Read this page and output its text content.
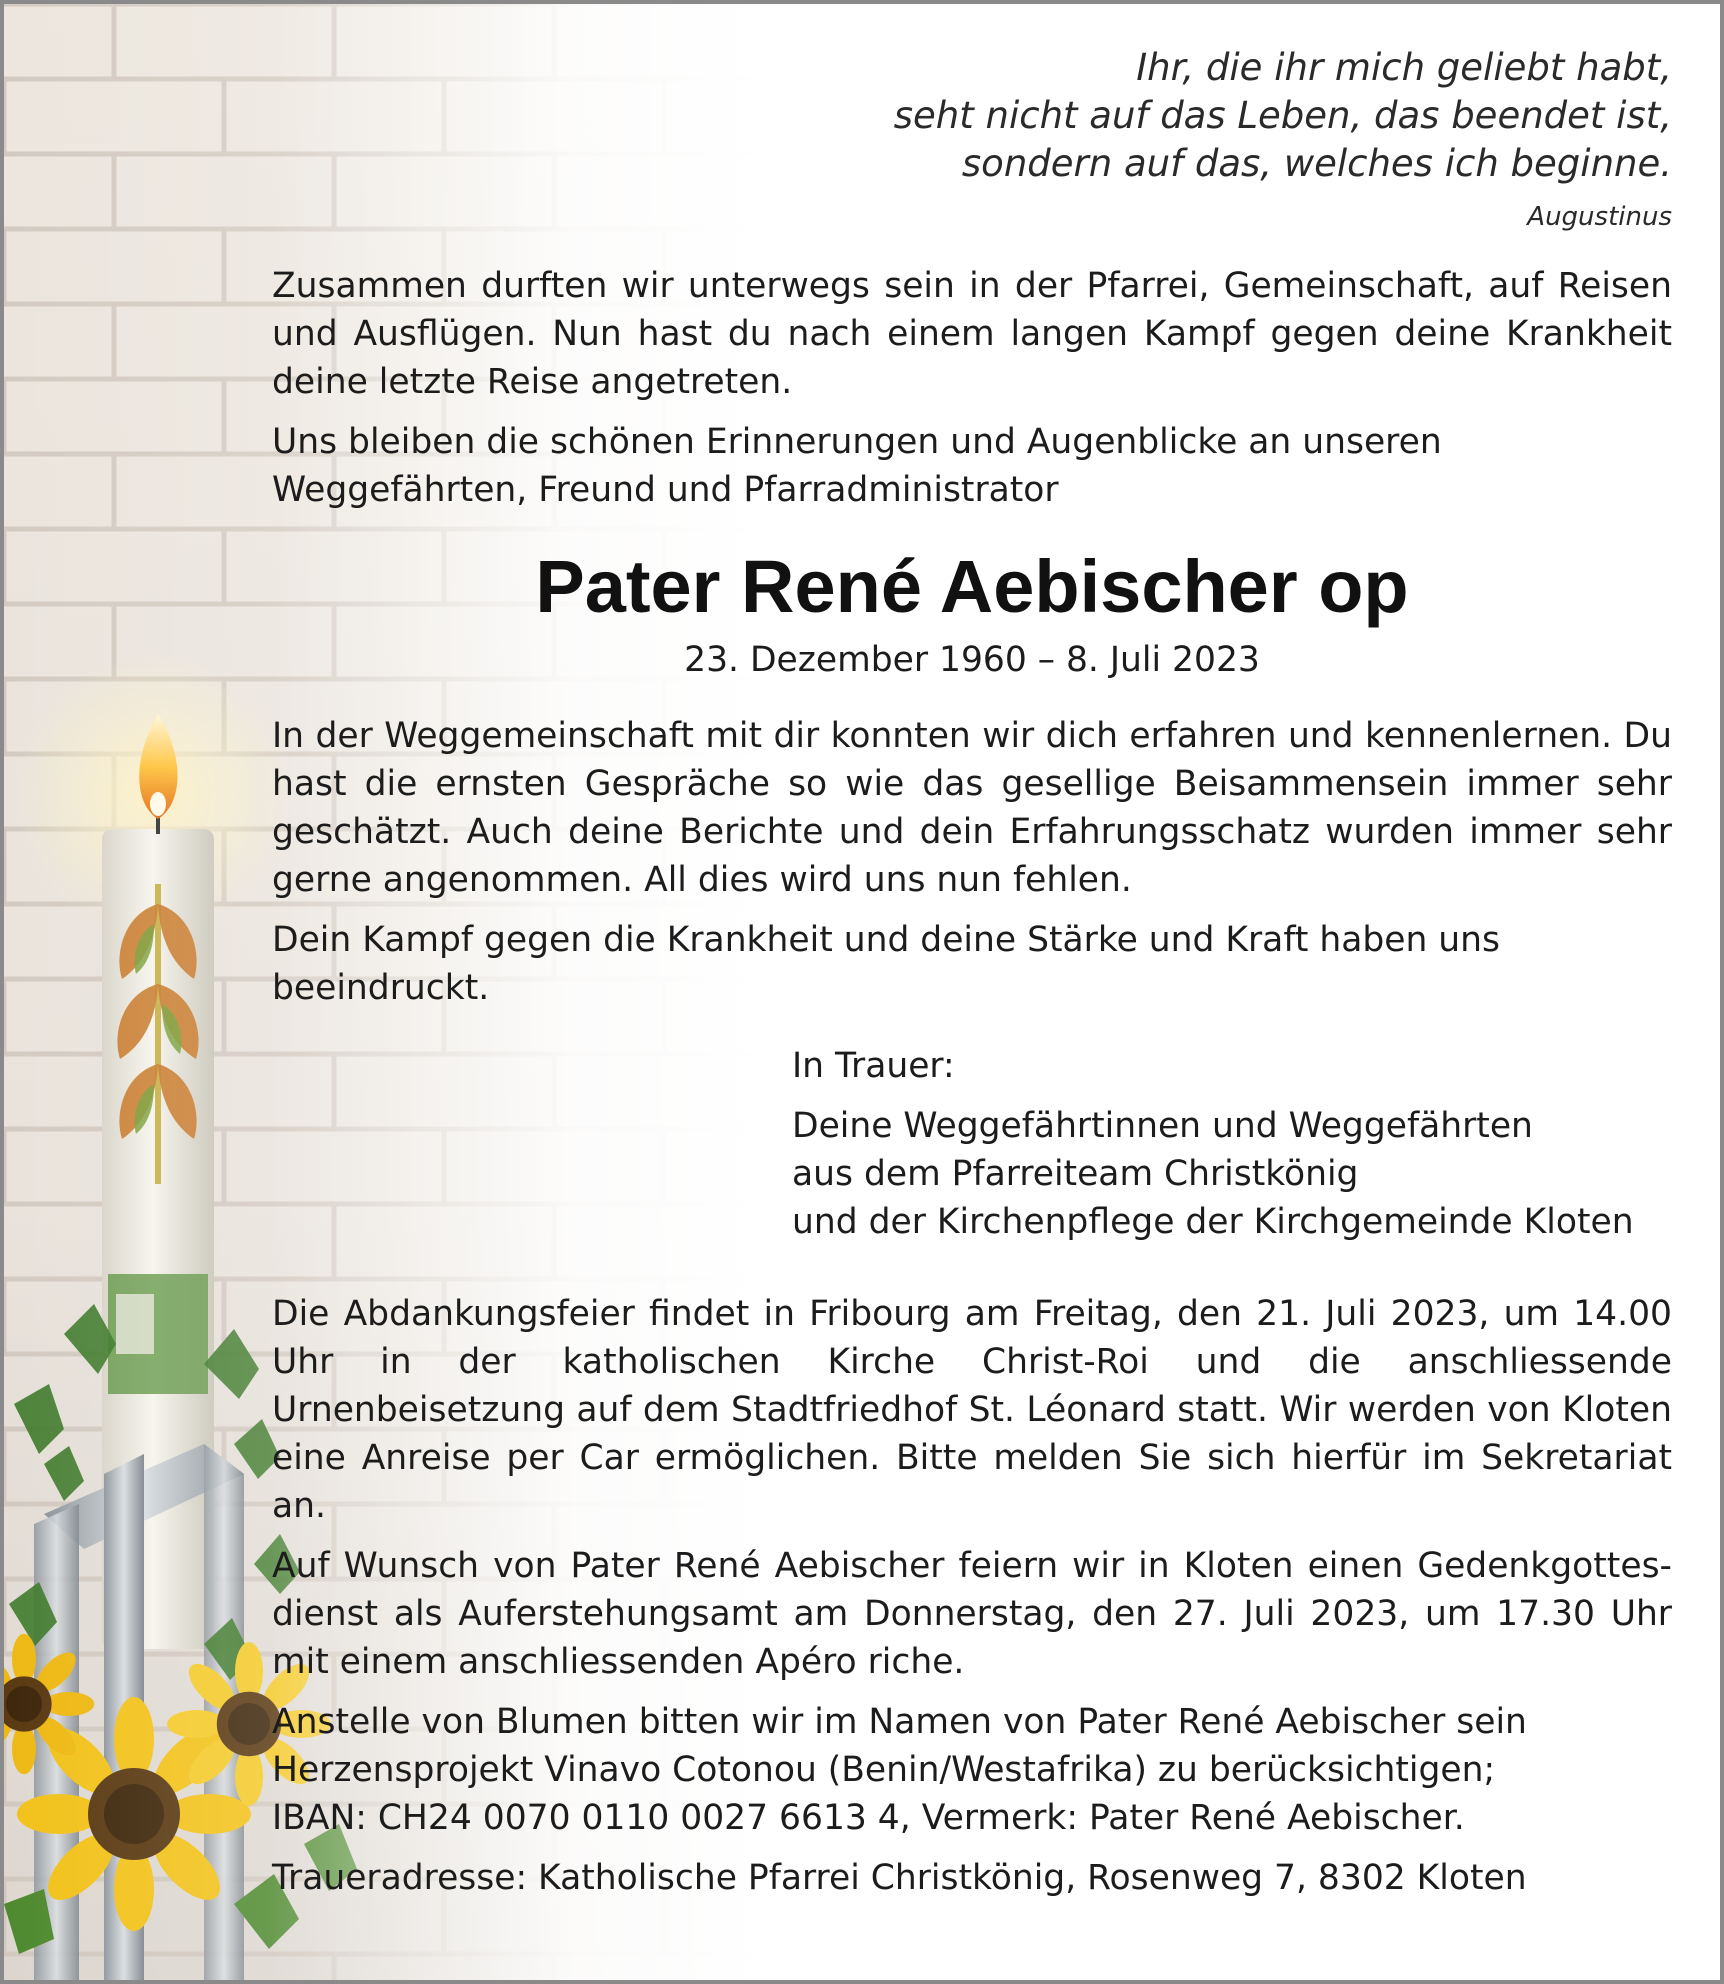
Ihr, die ihr mich geliebt habt,
seht nicht auf das Leben, das beendet ist,
sondern auf das, welches ich beginne.
Augustinus

Zusammen durften wir unterwegs sein in der Pfarrei, Gemeinschaft, auf Reisen und Ausflügen. Nun hast du nach einem langen Kampf gegen deine Krankheit deine letzte Reise angetreten.

Uns bleiben die schönen Erinnerungen und Augenblicke an unseren Weggefährten, Freund und Pfarradministrator

Pater René Aebischer op
23. Dezember 1960 – 8. Juli 2023

In der Weggemeinschaft mit dir konnten wir dich erfahren und kennenlernen. Du hast die ernsten Gespräche so wie das gesellige Beisammensein immer sehr geschätzt. Auch deine Berichte und dein Erfahrungsschatz wurden immer sehr gerne angenommen. All dies wird uns nun fehlen.

Dein Kampf gegen die Krankheit und deine Stärke und Kraft haben uns beeindruckt.

In Trauer:
Deine Weggefährtinnen und Weggefährten
aus dem Pfarreiteam Christkönig
und der Kirchenpflege der Kirchgemeinde Kloten

Die Abdankungsfeier findet in Fribourg am Freitag, den 21. Juli 2023, um 14.00 Uhr in der katholischen Kirche Christ-Roi und die anschliessende Urnenbeisetzung auf dem Stadtfriedhof St. Léonard statt. Wir werden von Kloten eine Anreise per Car ermöglichen. Bitte melden Sie sich hierfür im Sekretariat an.

Auf Wunsch von Pater René Aebischer feiern wir in Kloten einen Gedenkgottes-dienst als Auferstehungsamt am Donnerstag, den 27. Juli 2023, um 17.30 Uhr mit einem anschliessenden Apéro riche.

Anstelle von Blumen bitten wir im Namen von Pater René Aebischer sein
Herzensprojekt Vinavo Cotonou (Benin/Westafrika) zu berücksichtigen;
IBAN: CH24 0070 0110 0027 6613 4, Vermerk: Pater René Aebischer.

Traueradresse: Katholische Pfarrei Christkönig, Rosenweg 7, 8302 Kloten
